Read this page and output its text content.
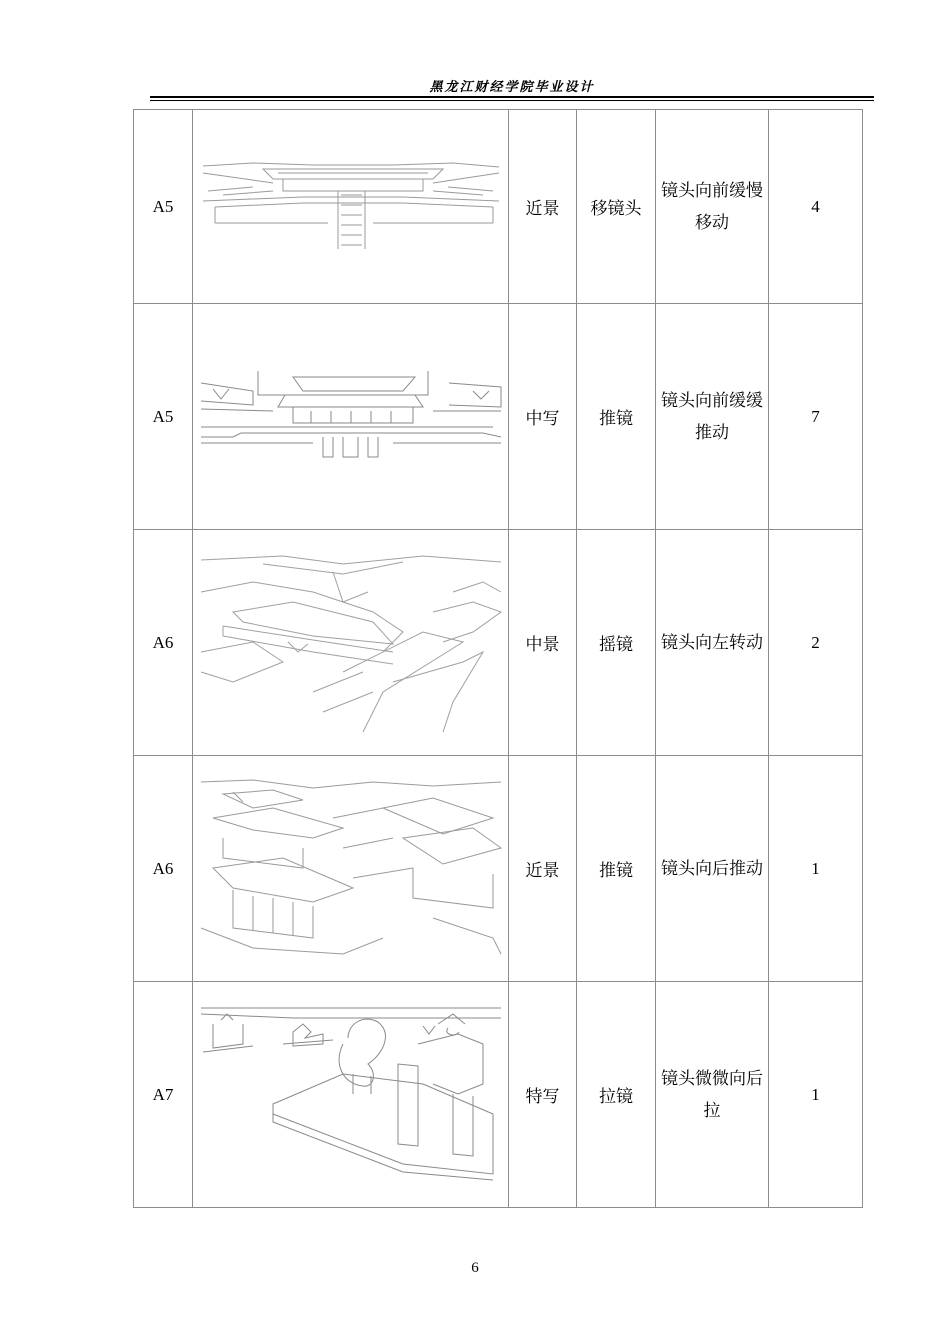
黑龙江财经学院毕业设计
A5		近景	移镜头	镜头向前缓慢移动	4
A5		中写	推镜	镜头向前缓缓推动	7
A6		中景	摇镜	镜头向左转动	2
A6		近景	推镜	镜头向后推动	1
A7		特写	拉镜	镜头微微向后拉	1
6
